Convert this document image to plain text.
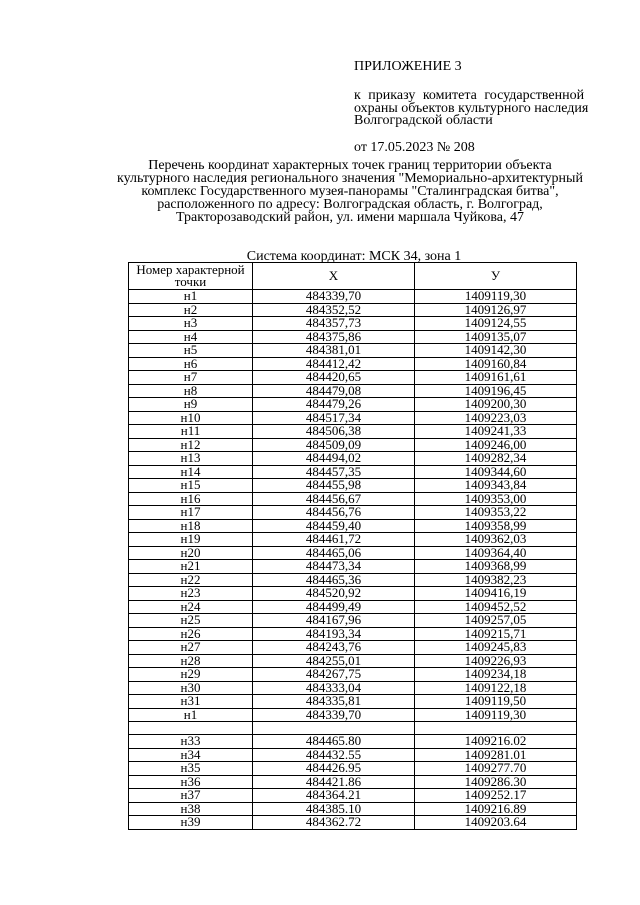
ПРИЛОЖЕНИЕ 3
к приказу комитета государственной
охраны объектов культурного наследия
Волгоградской области
от 17.05.2023 № 208
Перечень координат характерных точек границ территории объекта
культурного наследия регионального значения "Мемориально-архитектурный
комплекс Государственного музея-панорамы "Сталинградская битва",
расположенного по адресу: Волгоградская область, г. Волгоград,
Тракторозаводский район, ул. имени маршала Чуйкова, 47
Система координат: МСК 34, зона 1
Номер характерной точки	X	У
н1	484339,70	1409119,30
н2	484352,52	1409126,97
н3	484357,73	1409124,55
н4	484375,86	1409135,07
н5	484381,01	1409142,30
н6	484412,42	1409160,84
н7	484420,65	1409161,61
н8	484479,08	1409196,45
н9	484479,26	1409200,30
н10	484517,34	1409223,03
н11	484506,38	1409241,33
н12	484509,09	1409246,00
н13	484494,02	1409282,34
н14	484457,35	1409344,60
н15	484455,98	1409343,84
н16	484456,67	1409353,00
н17	484456,76	1409353,22
н18	484459,40	1409358,99
н19	484461,72	1409362,03
н20	484465,06	1409364,40
н21	484473,34	1409368,99
н22	484465,36	1409382,23
н23	484520,92	1409416,19
н24	484499,49	1409452,52
н25	484167,96	1409257,05
н26	484193,34	1409215,71
н27	484243,76	1409245,83
н28	484255,01	1409226,93
н29	484267,75	1409234,18
н30	484333,04	1409122,18
н31	484335,81	1409119,50
н1	484339,70	1409119,30

н33	484465.80	1409216.02
н34	484432.55	1409281.01
н35	484426.95	1409277.70
н36	484421.86	1409286.30
н37	484364.21	1409252.17
н38	484385.10	1409216.89
н39	484362.72	1409203.64
